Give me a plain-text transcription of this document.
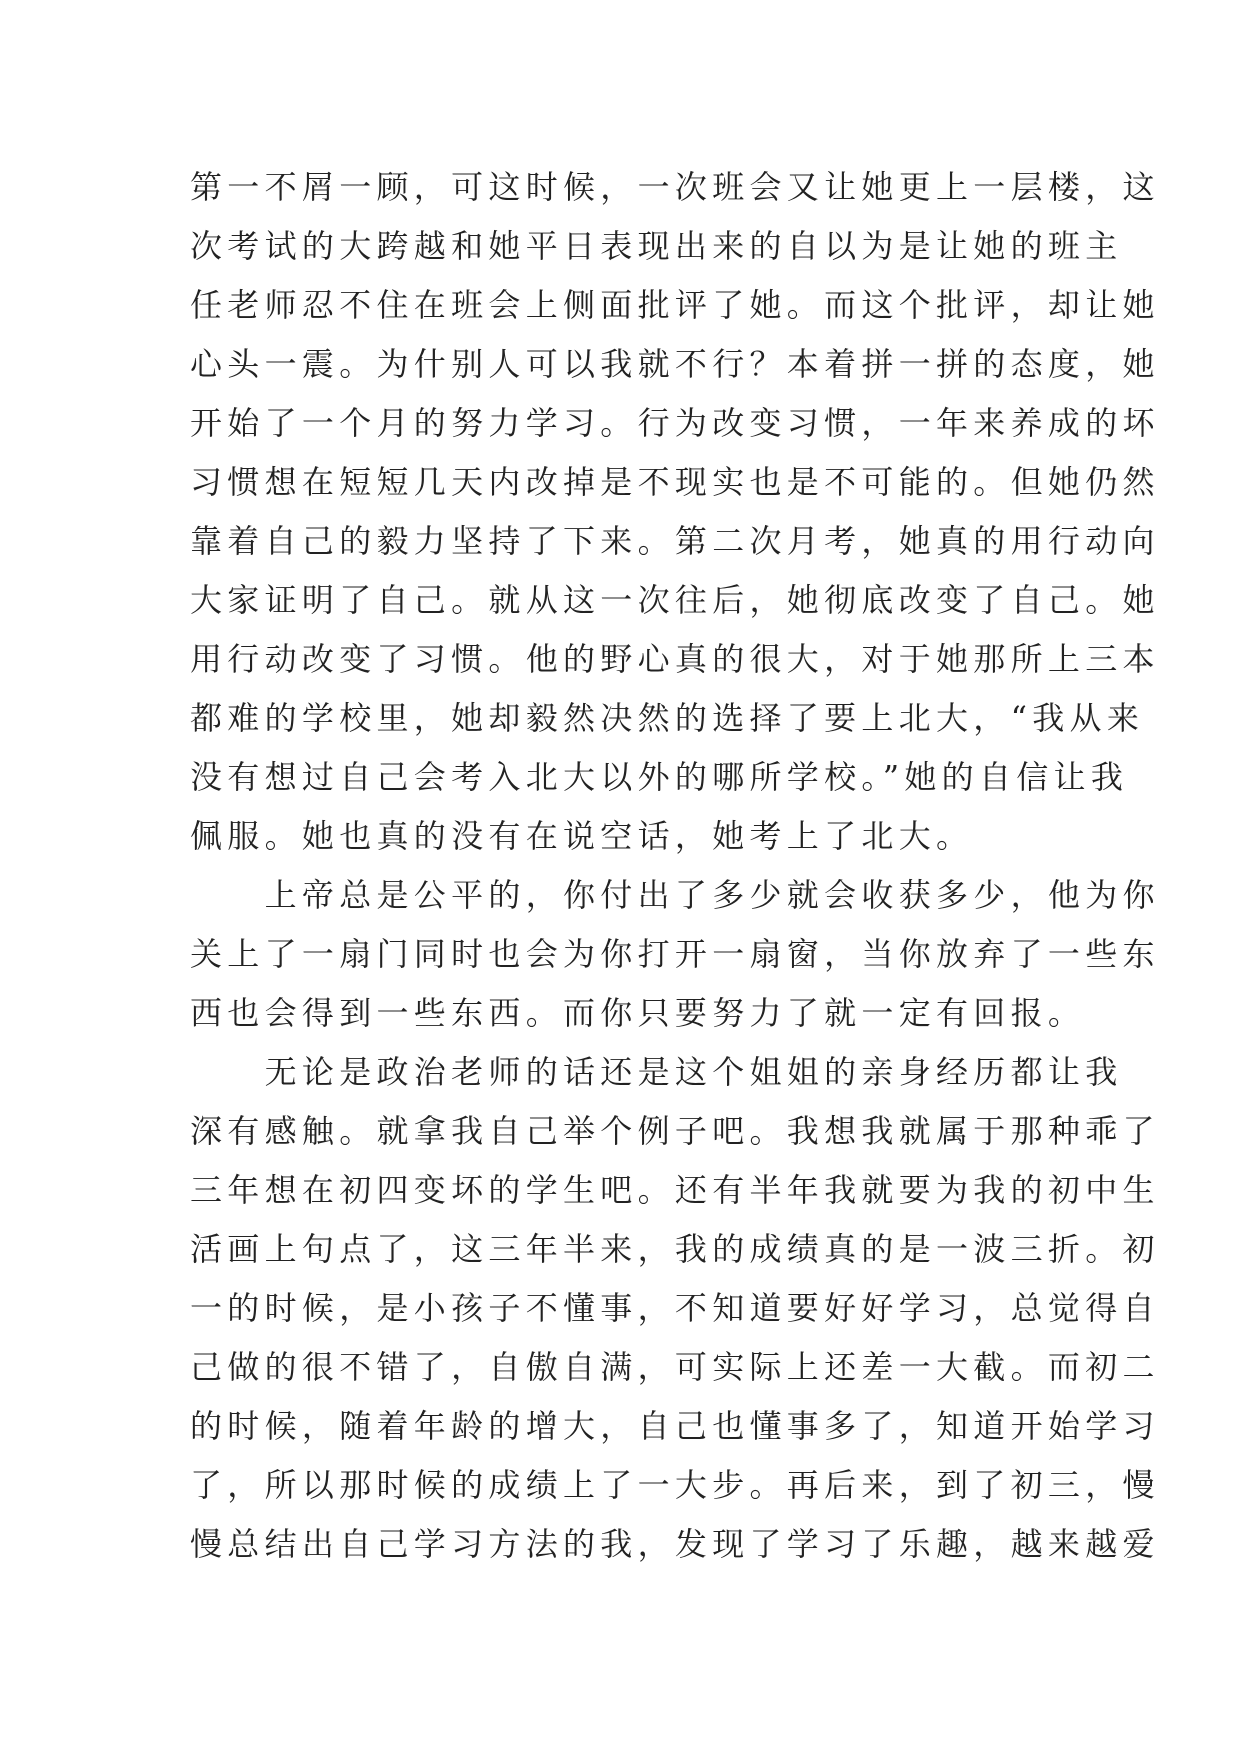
第一不屑一顾，可这时候，一次班会又让她更上一层楼，这
次考试的大跨越和她平日表现出来的自以为是让她的班主
任老师忍不住在班会上侧面批评了她。而这个批评，却让她
心头一震。为什别人可以我就不行？本着拼一拼的态度，她
开始了一个月的努力学习。行为改变习惯，一年来养成的坏
习惯想在短短几天内改掉是不现实也是不可能的。但她仍然
靠着自己的毅力坚持了下来。第二次月考，她真的用行动向
大家证明了自己。就从这一次往后，她彻底改变了自己。她
用行动改变了习惯。他的野心真的很大，对于她那所上三本
都难的学校里，她却毅然决然的选择了要上北大，“我从来
没有想过自己会考入北大以外的哪所学校。”她的自信让我
佩服。她也真的没有在说空话，她考上了北大。
　　上帝总是公平的，你付出了多少就会收获多少，他为你
关上了一扇门同时也会为你打开一扇窗，当你放弃了一些东
西也会得到一些东西。而你只要努力了就一定有回报。
　　无论是政治老师的话还是这个姐姐的亲身经历都让我
深有感触。就拿我自己举个例子吧。我想我就属于那种乖了
三年想在初四变坏的学生吧。还有半年我就要为我的初中生
活画上句点了，这三年半来，我的成绩真的是一波三折。初
一的时候，是小孩子不懂事，不知道要好好学习，总觉得自
己做的很不错了，自傲自满，可实际上还差一大截。而初二
的时候，随着年龄的增大，自己也懂事多了，知道开始学习
了，所以那时候的成绩上了一大步。再后来，到了初三，慢
慢总结出自己学习方法的我，发现了学习了乐趣，越来越爱
